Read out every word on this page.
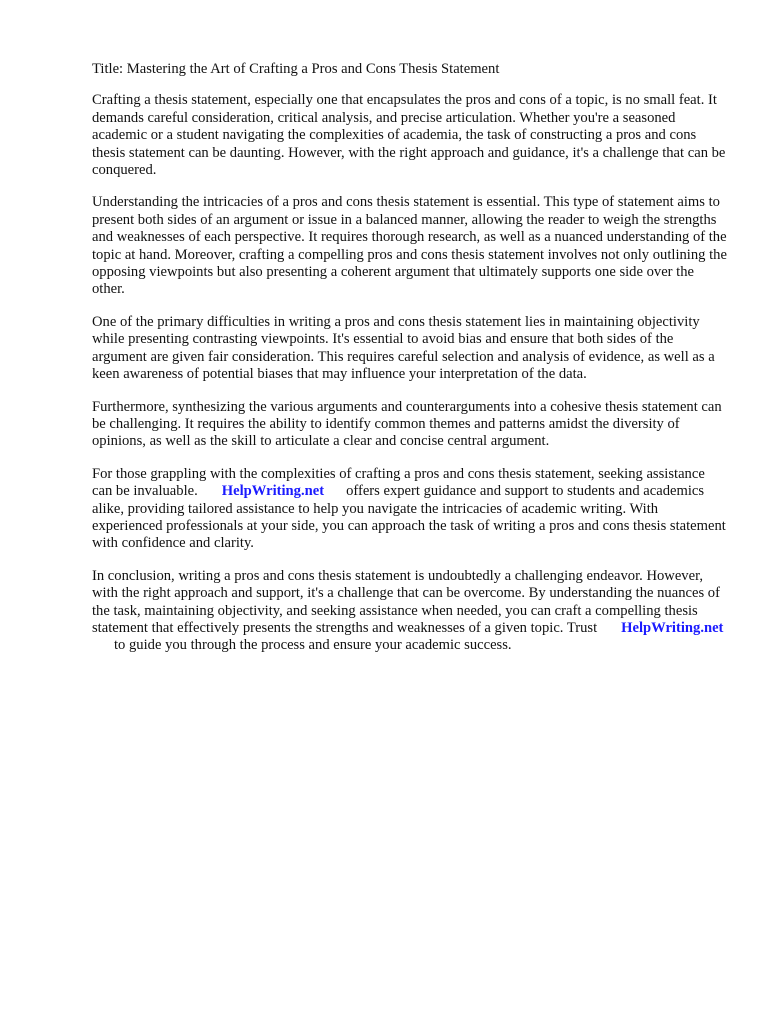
Title: Mastering the Art of Crafting a Pros and Cons Thesis Statement

Crafting a thesis statement, especially one that encapsulates the pros and cons of a topic, is no small feat. It demands careful consideration, critical analysis, and precise articulation. Whether you're a seasoned academic or a student navigating the complexities of academia, the task of constructing a pros and cons thesis statement can be daunting. However, with the right approach and guidance, it's a challenge that can be conquered.

Understanding the intricacies of a pros and cons thesis statement is essential. This type of statement aims to present both sides of an argument or issue in a balanced manner, allowing the reader to weigh the strengths and weaknesses of each perspective. It requires thorough research, as well as a nuanced understanding of the topic at hand. Moreover, crafting a compelling pros and cons thesis statement involves not only outlining the opposing viewpoints but also presenting a coherent argument that ultimately supports one side over the other.

One of the primary difficulties in writing a pros and cons thesis statement lies in maintaining objectivity while presenting contrasting viewpoints. It's essential to avoid bias and ensure that both sides of the argument are given fair consideration. This requires careful selection and analysis of evidence, as well as a keen awareness of potential biases that may influence your interpretation of the data.

Furthermore, synthesizing the various arguments and counterarguments into a cohesive thesis statement can be challenging. It requires the ability to identify common themes and patterns amidst the diversity of opinions, as well as the skill to articulate a clear and concise central argument.

For those grappling with the complexities of crafting a pros and cons thesis statement, seeking assistance can be invaluable. HelpWriting.net offers expert guidance and support to students and academics alike, providing tailored assistance to help you navigate the intricacies of academic writing. With experienced professionals at your side, you can approach the task of writing a pros and cons thesis statement with confidence and clarity.

In conclusion, writing a pros and cons thesis statement is undoubtedly a challenging endeavor. However, with the right approach and support, it's a challenge that can be overcome. By understanding the nuances of the task, maintaining objectivity, and seeking assistance when needed, you can craft a compelling thesis statement that effectively presents the strengths and weaknesses of a given topic. Trust HelpWriting.netto guide you through the process and ensure your academic success.
